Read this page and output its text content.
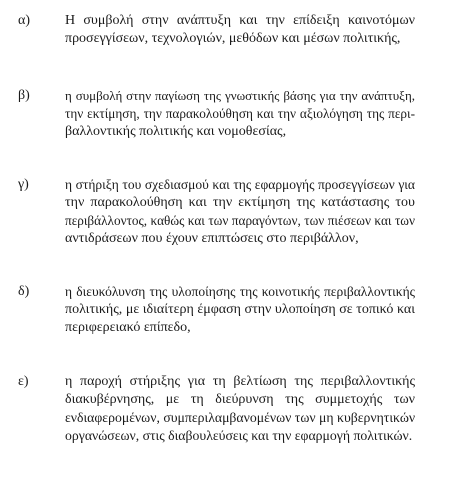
α)	Η συμβολή στην ανάπτυξη και την επίδειξη καινοτόμων
προσεγγίσεων, τεχνολογιών, μεθόδων και μέσων πολιτικής,
β)	η συμβολή στην παγίωση της γνωστικής βάσης για την ανάπτυξη,
την εκτίμηση, την παρακολούθηση και την αξιολόγηση της περι-
βαλλοντικής πολιτικής και νομοθεσίας,
γ)	η στήριξη του σχεδιασμού και της εφαρμογής προσεγγίσεων για
την παρακολούθηση και την εκτίμηση της κατάστασης του
περιβάλλοντος, καθώς και των παραγόντων, των πιέσεων και των
αντιδράσεων που έχουν επιπτώσεις στο περιβάλλον,
δ)	η διευκόλυνση της υλοποίησης της κοινοτικής περιβαλλοντικής
πολιτικής, με ιδιαίτερη έμφαση στην υλοποίηση σε τοπικό και
περιφερειακό επίπεδο,
ε)	η παροχή στήριξης για τη βελτίωση της περιβαλλοντικής
διακυβέρνησης, με τη διεύρυνση της συμμετοχής των
ενδιαφερομένων, συμπεριλαμβανομένων των μη κυβερνητικών
οργανώσεων, στις διαβουλεύσεις και την εφαρμογή πολιτικών.
